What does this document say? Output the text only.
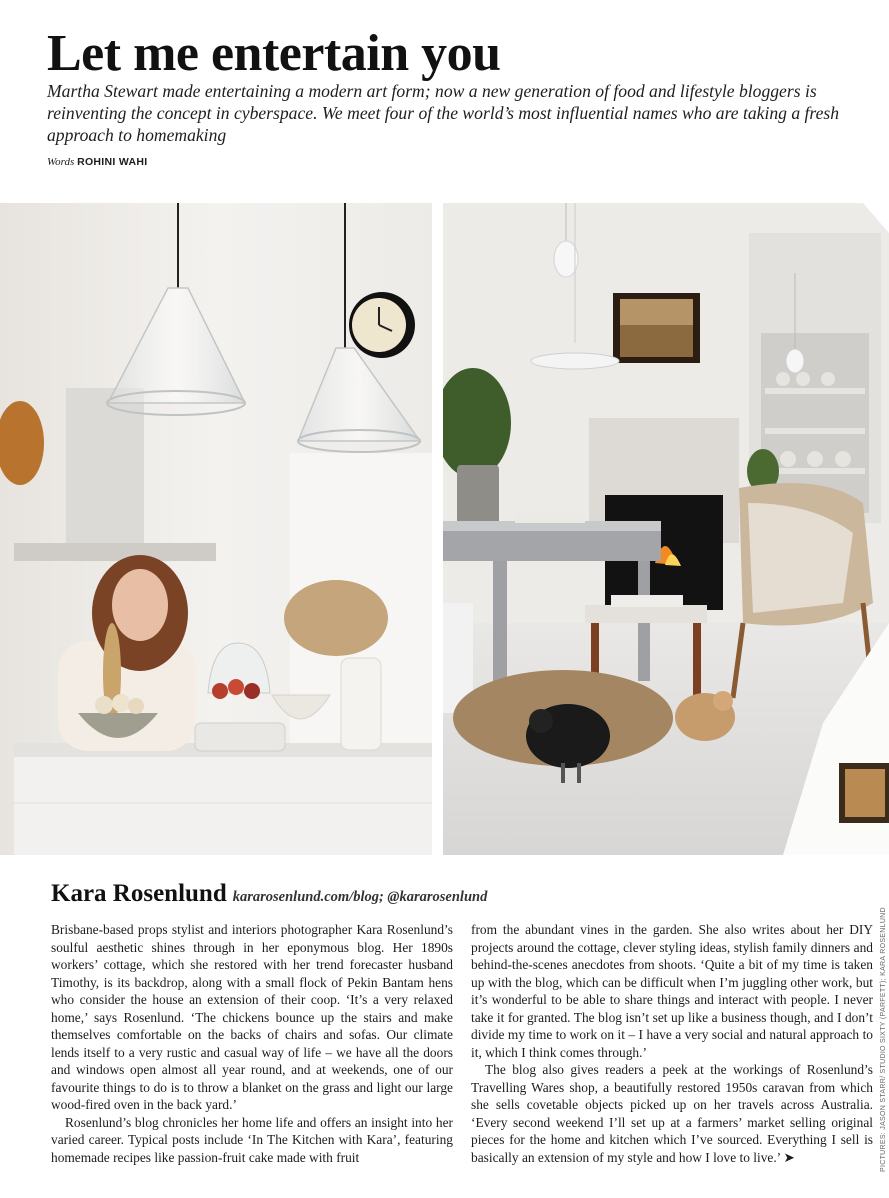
Let me entertain you

Martha Stewart made entertaining a modern art form; now a new generation of food and lifestyle bloggers is reinventing the concept in cyberspace. We meet four of the world’s most influential names who are taking a fresh approach to homemaking

Words ROHINI WAHI
PICTURES: JASON STARR/ STUDIO SIXTY (PARFETT); KARA ROSENLUND
Kara Rosenlund kararosenlund.com/blog; @kararosenlund

Brisbane-based props stylist and interiors photographer Kara Rosenlund’s soulful aesthetic shines through in her eponymous blog. Her 1890s workers’ cottage, which she restored with her trend forecaster husband Timothy, is its backdrop, along with a small flock of Pekin Bantam hens who consider the house an extension of their coop. ‘It’s a very relaxed home,’ says Rosenlund. ‘The chickens bounce up the stairs and make themselves comfortable on the backs of chairs and sofas. Our climate lends itself to a very rustic and casual way of life – we have all the doors and windows open almost all year round, and at weekends, one of our favourite things to do is to throw a blanket on the grass and light our large wood-fired oven in the back yard.’

Rosenlund’s blog chronicles her home life and offers an insight into her varied career. Typical posts include ‘In The Kitchen with Kara’, featuring homemade recipes like passion-fruit cake made with fruit

from the abundant vines in the garden. She also writes about her DIY projects around the cottage, clever styling ideas, stylish family dinners and behind-the-scenes anecdotes from shoots. ‘Quite a bit of my time is taken up with the blog, which can be difficult when I’m juggling other work, but it’s wonderful to be able to share things and interact with people. I never take it for granted. The blog isn’t set up like a business though, and I don’t divide my time to work on it – I have a very social and natural approach to it, which I think comes through.’

The blog also gives readers a peek at the workings of Rosenlund’s Travelling Wares shop, a beautifully restored 1950s caravan from which she sells covetable objects picked up on her travels across Australia. ‘Every second weekend I’ll set up at a farmers’ market selling original pieces for the home and kitchen which I’ve sourced. Everything I sell is basically an extension of my style and how I love to live.’ ➤
